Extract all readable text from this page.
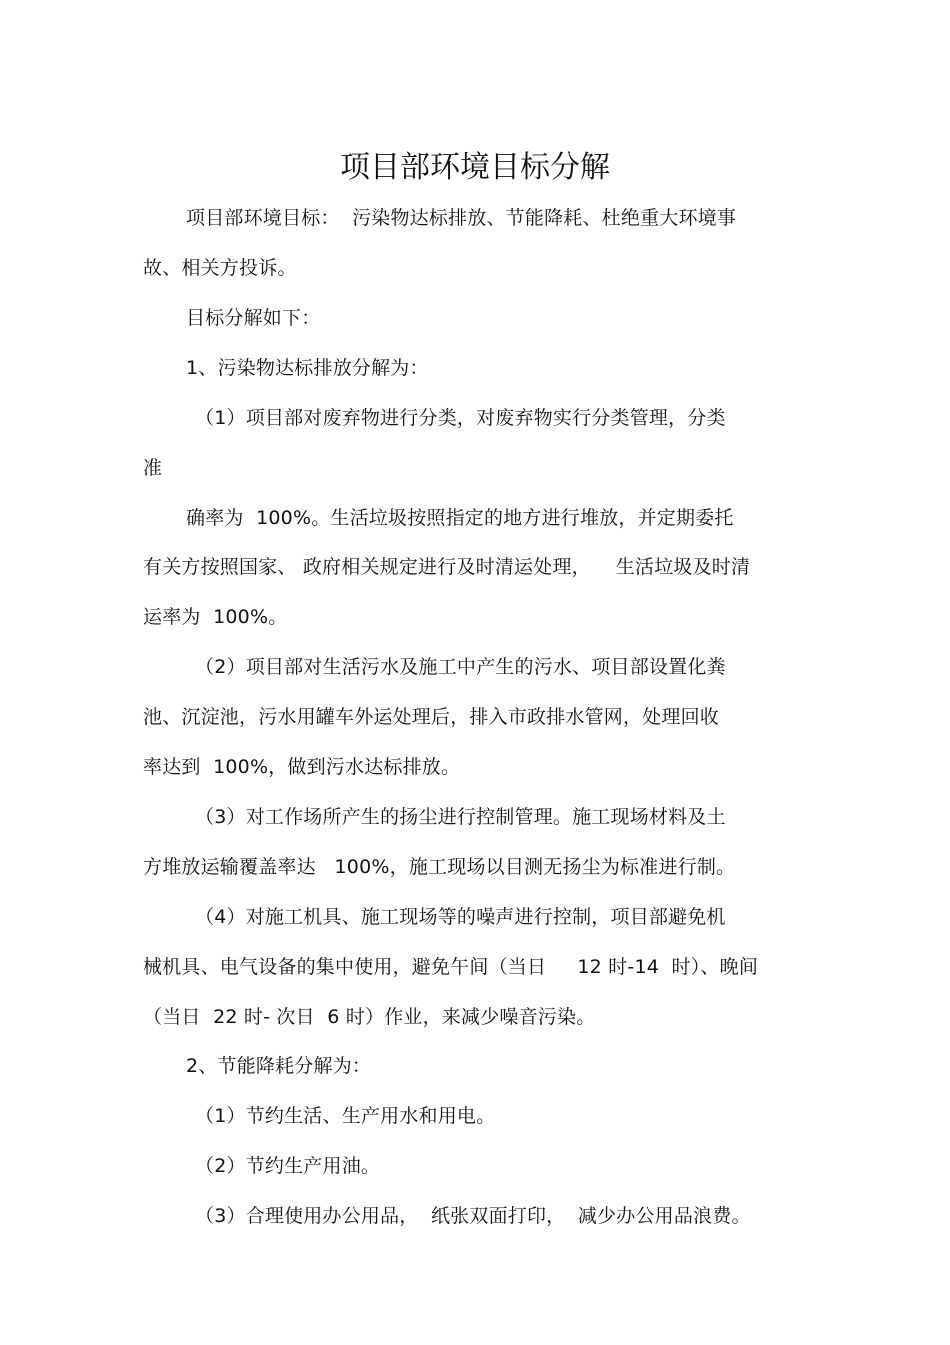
项目部环境目标分解
项目部环境目标：  污染物达标排放、节能降耗、杜绝重大环境事
故、相关方投诉。
目标分解如下：
1、污染物达标排放分解为：
（1）项目部对废弃物进行分类，对废弃物实行分类管理，分类
准
确率为  100%。生活垃圾按照指定的地方进行堆放，并定期委托
有关方按照国家、 政府相关规定进行及时清运处理，    生活垃圾及时清
运率为  100%。
（2）项目部对生活污水及施工中产生的污水、项目部设置化粪
池、沉淀池，污水用罐车外运处理后，排入市政排水管网，处理回收
率达到  100%，做到污水达标排放。
（3）对工作场所产生的扬尘进行控制管理。施工现场材料及土
方堆放运输覆盖率达   100%，施工现场以目测无扬尘为标准进行制。
（4）对施工机具、施工现场等的噪声进行控制，项目部避免机
械机具、电气设备的集中使用，避免午间（当日     12 时-14  时）、晚间
（当日  22 时- 次日  6 时）作业，来减少噪音污染。
2、节能降耗分解为：
（1）节约生活、生产用水和用电。
（2）节约生产用油。
（3）合理使用办公用品，  纸张双面打印，  减少办公用品浪费。
